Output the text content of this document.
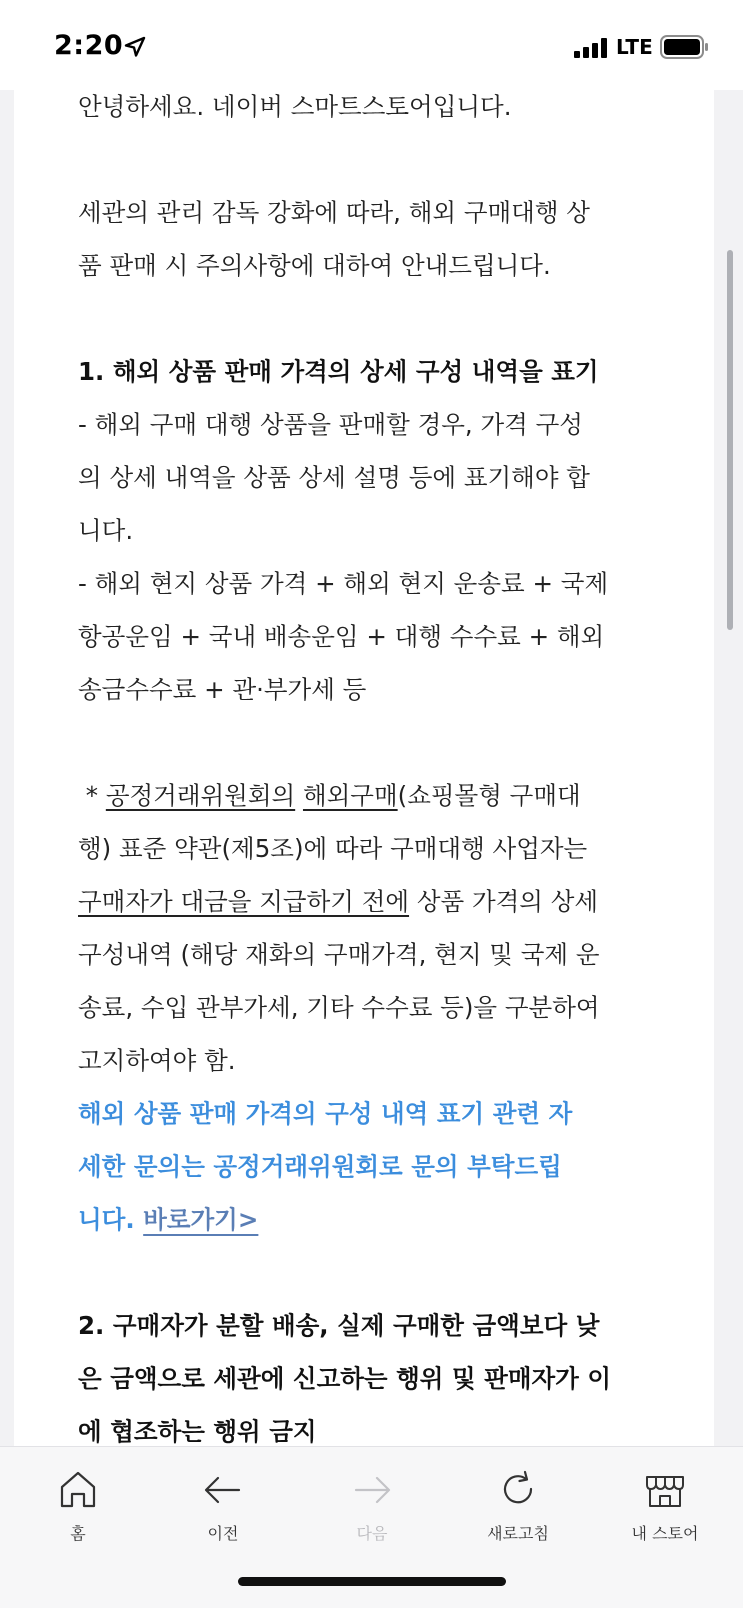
2:20	LTE
안녕하세요. 네이버 스마트스토어입니다.
세관의 관리 감독 강화에 따라, 해외 구매대행 상
품 판매 시 주의사항에 대하여 안내드립니다.
1. 해외 상품 판매 가격의 상세 구성 내역을 표기
- 해외 구매 대행 상품을 판매할 경우, 가격 구성
의 상세 내역을 상품 상세 설명 등에 표기해야 합
니다.
- 해외 현지 상품 가격 + 해외 현지 운송료 + 국제
항공운임 + 국내 배송운임 + 대행 수수료 + 해외
송금수수료 + 관·부가세 등
* 공정거래위원회의 해외구매(쇼핑몰형 구매대
행) 표준 약관(제5조)에 따라 구매대행 사업자는
구매자가 대금을 지급하기 전에 상품 가격의 상세
구성내역 (해당 재화의 구매가격, 현지 및 국제 운
송료, 수입 관부가세, 기타 수수료 등)을 구분하여
고지하여야 함.
해외 상품 판매 가격의 구성 내역 표기 관련 자
세한 문의는 공정거래위원회로 문의 부탁드립
니다. 바로가기>
2. 구매자가 분할 배송, 실제 구매한 금액보다 낮
은 금액으로 세관에 신고하는 행위 및 판매자가 이
에 협조하는 행위 금지
홈	이전	다음	새로고침	내 스토어
